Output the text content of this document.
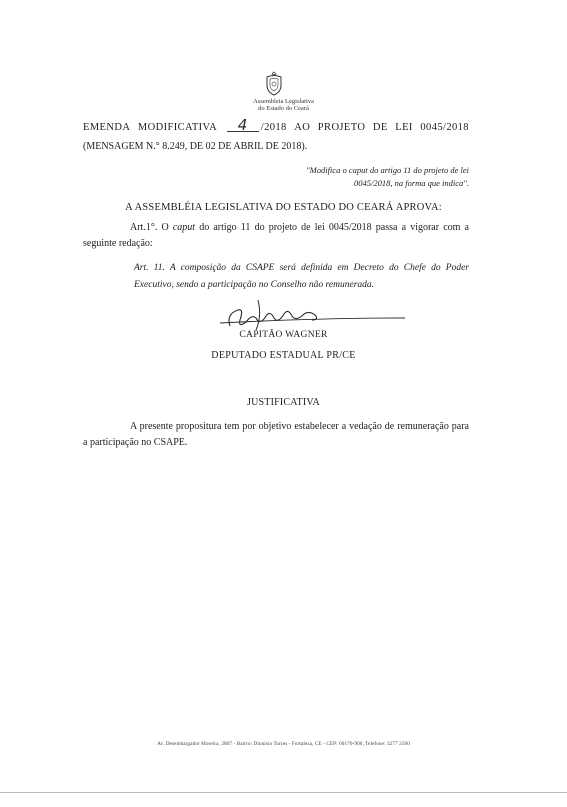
Assembleia Legislativa
do Estado do Ceará
EMENDA MODIFICATIVA	4 /2018 AO PROJETO DE LEI 0045/2018
(MENSAGEM N.° 8.249, DE 02 DE ABRIL DE 2018).
"Modifica o caput do artigo 11 do projeto de lei
0045/2018, na forma que indica".
A ASSEMBLÉIA LEGISLATIVA DO ESTADO DO CEARÁ APROVA:
Art.1°. O caput do artigo 11 do projeto de lei 0045/2018 passa a vigorar com a seguinte redação:
Art. 11. A composição da CSAPE será definida em Decreto do Chefe do Poder Executivo, sendo a participação no Conselho não remunerada.
CAPITÃO WAGNER
DEPUTADO ESTADUAL PR/CE
JUSTIFICATIVA
A presente propositura tem por objetivo estabelecer a vedação de remuneração para a participação no CSAPE.
Av. Desembargador Moreira, 2807 - Bairro: Dionísio Torres - Fortaleza, CE - CEP: 60170-900, Telefone: 3277 2500
